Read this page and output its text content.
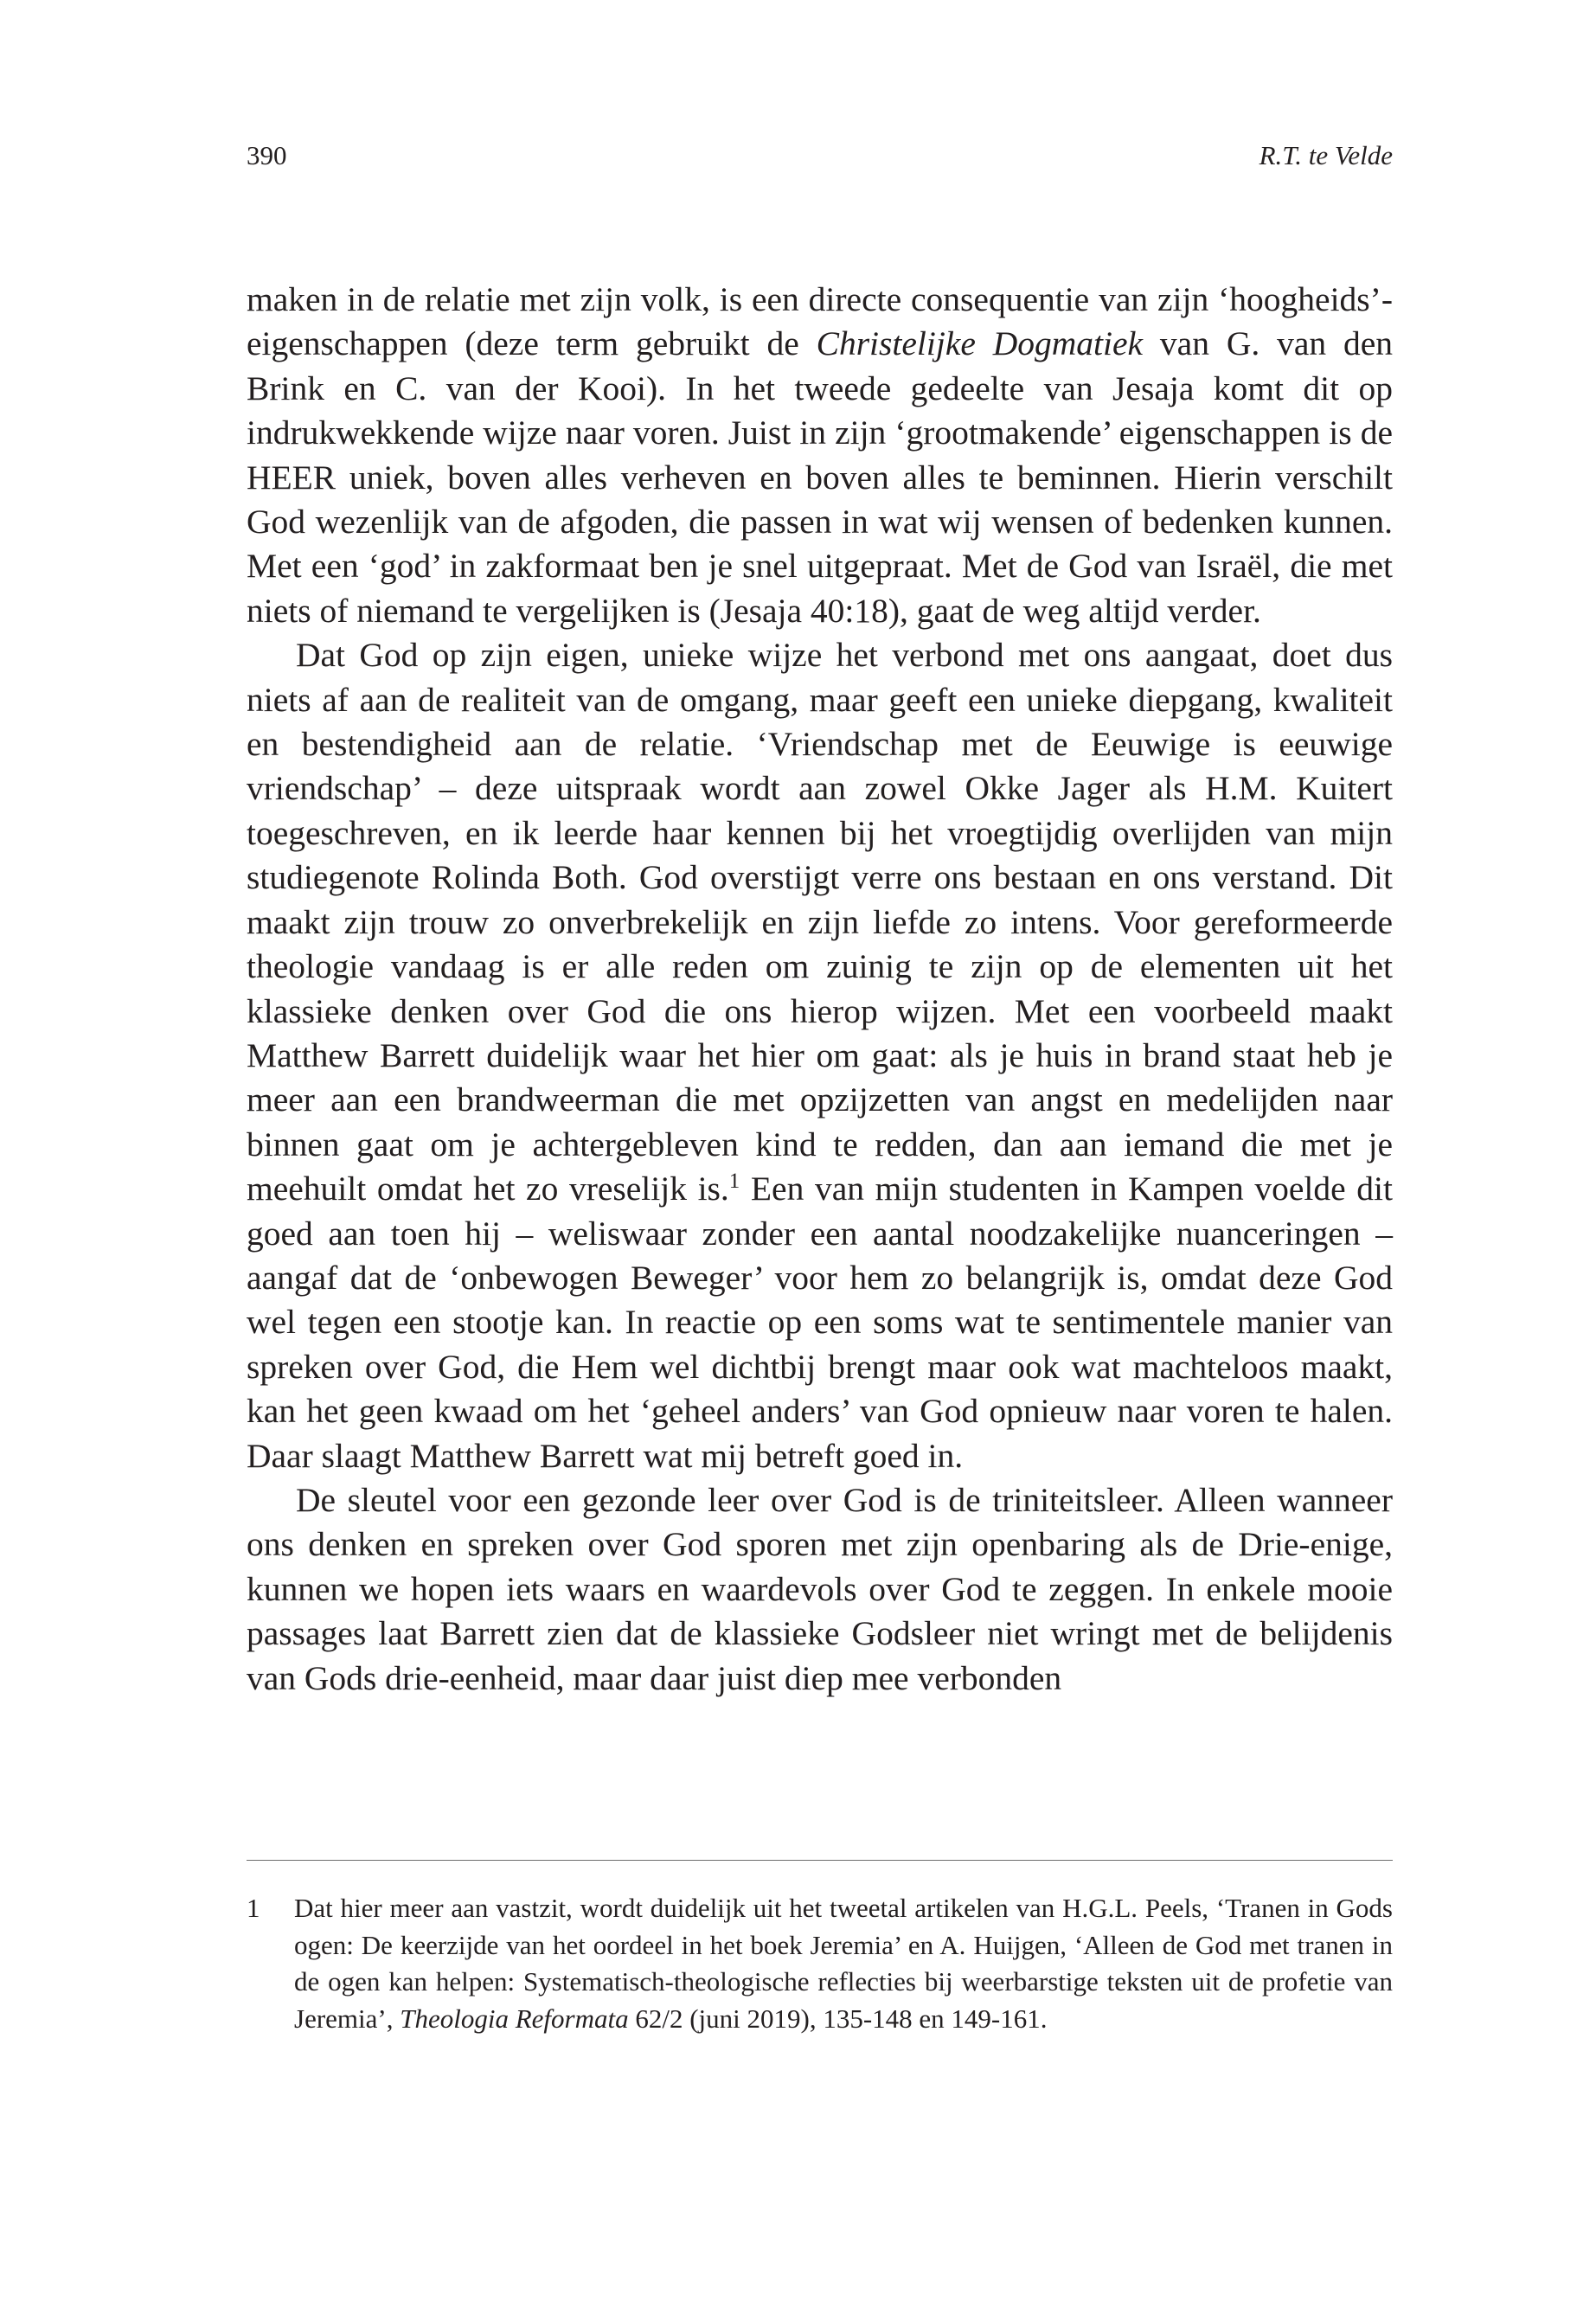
390	R.T. te Velde

maken in de relatie met zijn volk, is een directe consequentie van zijn ‘hoogheids’-eigenschappen (deze term gebruikt de Christelijke Dogmatiek van G. van den Brink en C. van der Kooi). In het tweede gedeelte van Jesaja komt dit op indrukwekkende wijze naar voren. Juist in zijn ‘grootmakende’ eigenschappen is de HEER uniek, boven alles verheven en boven alles te beminnen. Hierin verschilt God wezenlijk van de afgoden, die passen in wat wij wensen of bedenken kunnen. Met een ‘god’ in zakformaat ben je snel uitgepraat. Met de God van Israël, die met niets of niemand te vergelijken is (Jesaja 40:18), gaat de weg altijd verder.

Dat God op zijn eigen, unieke wijze het verbond met ons aangaat, doet dus niets af aan de realiteit van de omgang, maar geeft een unieke diepgang, kwaliteit en bestendigheid aan de relatie. ‘Vriendschap met de Eeuwige is eeuwige vriendschap’ – deze uitspraak wordt aan zowel Okke Jager als H.M. Kuitert toegeschreven, en ik leerde haar kennen bij het vroegtijdig overlijden van mijn studiegenote Rolinda Both. God overstijgt verre ons bestaan en ons verstand. Dit maakt zijn trouw zo onverbrekelijk en zijn liefde zo intens. Voor gereformeerde theologie vandaag is er alle reden om zuinig te zijn op de elementen uit het klassieke denken over God die ons hierop wijzen. Met een voorbeeld maakt Matthew Barrett duidelijk waar het hier om gaat: als je huis in brand staat heb je meer aan een brandweerman die met opzijzetten van angst en medelijden naar binnen gaat om je achtergebleven kind te redden, dan aan iemand die met je meehuilt omdat het zo vreselijk is.$^1$ Een van mijn studenten in Kampen voelde dit goed aan toen hij – weliswaar zonder een aantal noodzakelijke nuanceringen – aangaf dat de ‘onbewogen Beweger’ voor hem zo belangrijk is, omdat deze God wel tegen een stootje kan. In reactie op een soms wat te sentimentele manier van spreken over God, die Hem wel dichtbij brengt maar ook wat machteloos maakt, kan het geen kwaad om het ‘geheel anders’ van God opnieuw naar voren te halen. Daar slaagt Matthew Barrett wat mij betreft goed in.

De sleutel voor een gezonde leer over God is de triniteitsleer. Alleen wanneer ons denken en spreken over God sporen met zijn openbaring als de Drie-enige, kunnen we hopen iets waars en waardevols over God te zeggen. In enkele mooie passages laat Barrett zien dat de klassieke Godsleer niet wringt met de belijdenis van Gods drie-eenheid, maar daar juist diep mee verbonden

1 Dat hier meer aan vastzit, wordt duidelijk uit het tweetal artikelen van H.G.L. Peels, ‘Tranen in Gods ogen: De keerzijde van het oordeel in het boek Jeremia’ en A. Huijgen, ‘Alleen de God met tranen in de ogen kan helpen: Systematisch-theologische reflecties bij weerbarstige teksten uit de profetie van Jeremia’, Theologia Reformata 62/2 (juni 2019), 135-148 en 149-161.
